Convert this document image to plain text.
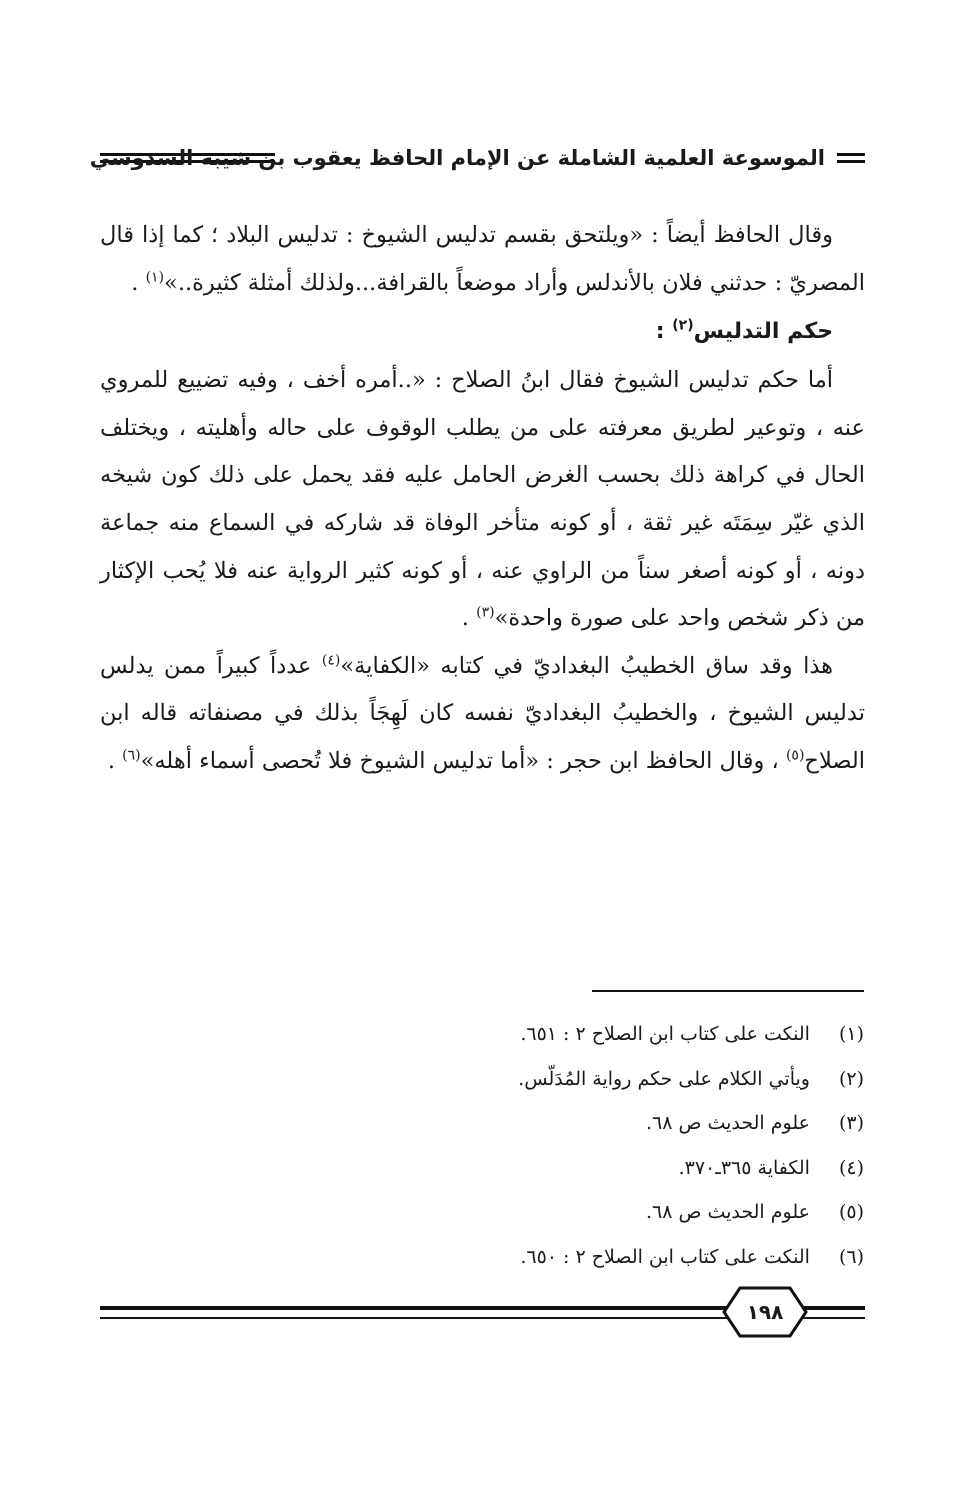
الموسوعة العلمية الشاملة عن الإمام الحافظ يعقوب بن شيبة السدوسي

وقال الحافظ أيضاً : «ويلتحق بقسم تدليس الشيوخ : تدليس البلاد ؛ كما إذا قال المصريّ : حدثني فلان بالأندلس وأراد موضعاً بالقرافة...ولذلك أمثلة كثيرة..»$^{(١)}$ .

حكم التدليس$^{(٢)}$ :

أما حكم تدليس الشيوخ فقال ابنُ الصلاح : «..أمره أخف ، وفيه تضييع للمروي عنه ، وتوعير لطريق معرفته على من يطلب الوقوف على حاله وأهليته ، ويختلف الحال في كراهة ذلك بحسب الغرض الحامل عليه فقد يحمل على ذلك كون شيخه الذي غيّر سِمَتَه غير ثقة ، أو كونه متأخر الوفاة قد شاركه في السماع منه جماعة دونه ، أو كونه أصغر سناً من الراوي عنه ، أو كونه كثير الرواية عنه فلا يُحب الإكثار من ذكر شخص واحد على صورة واحدة»$^{(٣)}$ .

هذا وقد ساق الخطيبُ البغداديّ في كتابه «الكفاية»$^{(٤)}$ عدداً كبيراً ممن يدلس تدليس الشيوخ ، والخطيبُ البغداديّ نفسه كان لَهِجَاً بذلك في مصنفاته قاله ابن الصلاح$^{(٥)}$ ، وقال الحافظ ابن حجر : «أما تدليس الشيوخ فلا تُحصى أسماء أهله»$^{(٦)}$ .

(١) النكت على كتاب ابن الصلاح ٢ : ٦٥١.
(٢) ويأتي الكلام على حكم رواية المُدَلّس.
(٣) علوم الحديث ص ٦٨.
(٤) الكفاية ٣٦٥ـ٣٧٠.
(٥) علوم الحديث ص ٦٨.
(٦) النكت على كتاب ابن الصلاح ٢ : ٦٥٠.
١٩٨
